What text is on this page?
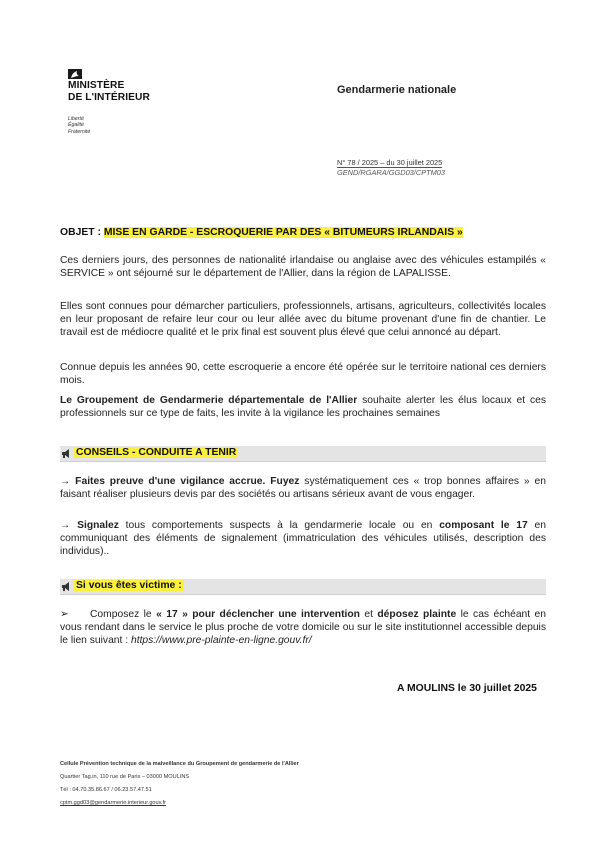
MINISTÈRE
DE L'INTÉRIEUR
Liberté
Égalité
Fraternité
Gendarmerie nationale
N° 78 / 2025 – du 30 juillet 2025
GEND/RGARA/GGD03/CPTM03
OBJET : MISE EN GARDE - ESCROQUERIE PAR DES « BITUMEURS IRLANDAIS »
Ces derniers jours, des personnes de nationalité irlandaise ou anglaise avec des véhicules estampilés « SERVICE » ont séjourné sur le département de l'Allier, dans la région de LAPALISSE.
Elles sont connues pour démarcher particuliers, professionnels, artisans, agriculteurs, collectivités locales en leur proposant de refaire leur cour ou leur allée avec du bitume provenant d'une fin de chantier. Le travail est de médiocre qualité et le prix final est souvent plus élevé que celui annoncé au départ.
Connue depuis les années 90, cette escroquerie a encore été opérée sur le territoire national ces derniers mois.
Le Groupement de Gendarmerie départementale de l'Allier souhaite alerter les élus locaux et ces professionnels sur ce type de faits, les invite à la vigilance les prochaines semaines
CONSEILS - CONDUITE A TENIR
→ Faites preuve d'une vigilance accrue. Fuyez systématiquement ces « trop bonnes affaires » en faisant réaliser plusieurs devis par des sociétés ou artisans sérieux avant de vous engager.
→ Signalez tous comportements suspects à la gendarmerie locale ou en composant le 17 en communiquant des éléments de signalement (immatriculation des véhicules utilisés, description des individus)..
Si vous êtes victime :
➢ Composez le « 17 » pour déclencher une intervention et déposez plainte le cas échéant en vous rendant dans le service le plus proche de votre domicile ou sur le site institutionnel accessible depuis le lien suivant : https://www.pre-plainte-en-ligne.gouv.fr/
A MOULINS le 30 juillet 2025
Cellule Prévention technique de la malveillance du Groupement de gendarmerie de l'Allier
Quartier Tag.in, 110 rue de Paris – 03000 MOULINS
Tél : 04.70.35.86.67 / 06.23.57.47.51
cptm.ggd03@gendarmerie.interieur.gouv.fr
